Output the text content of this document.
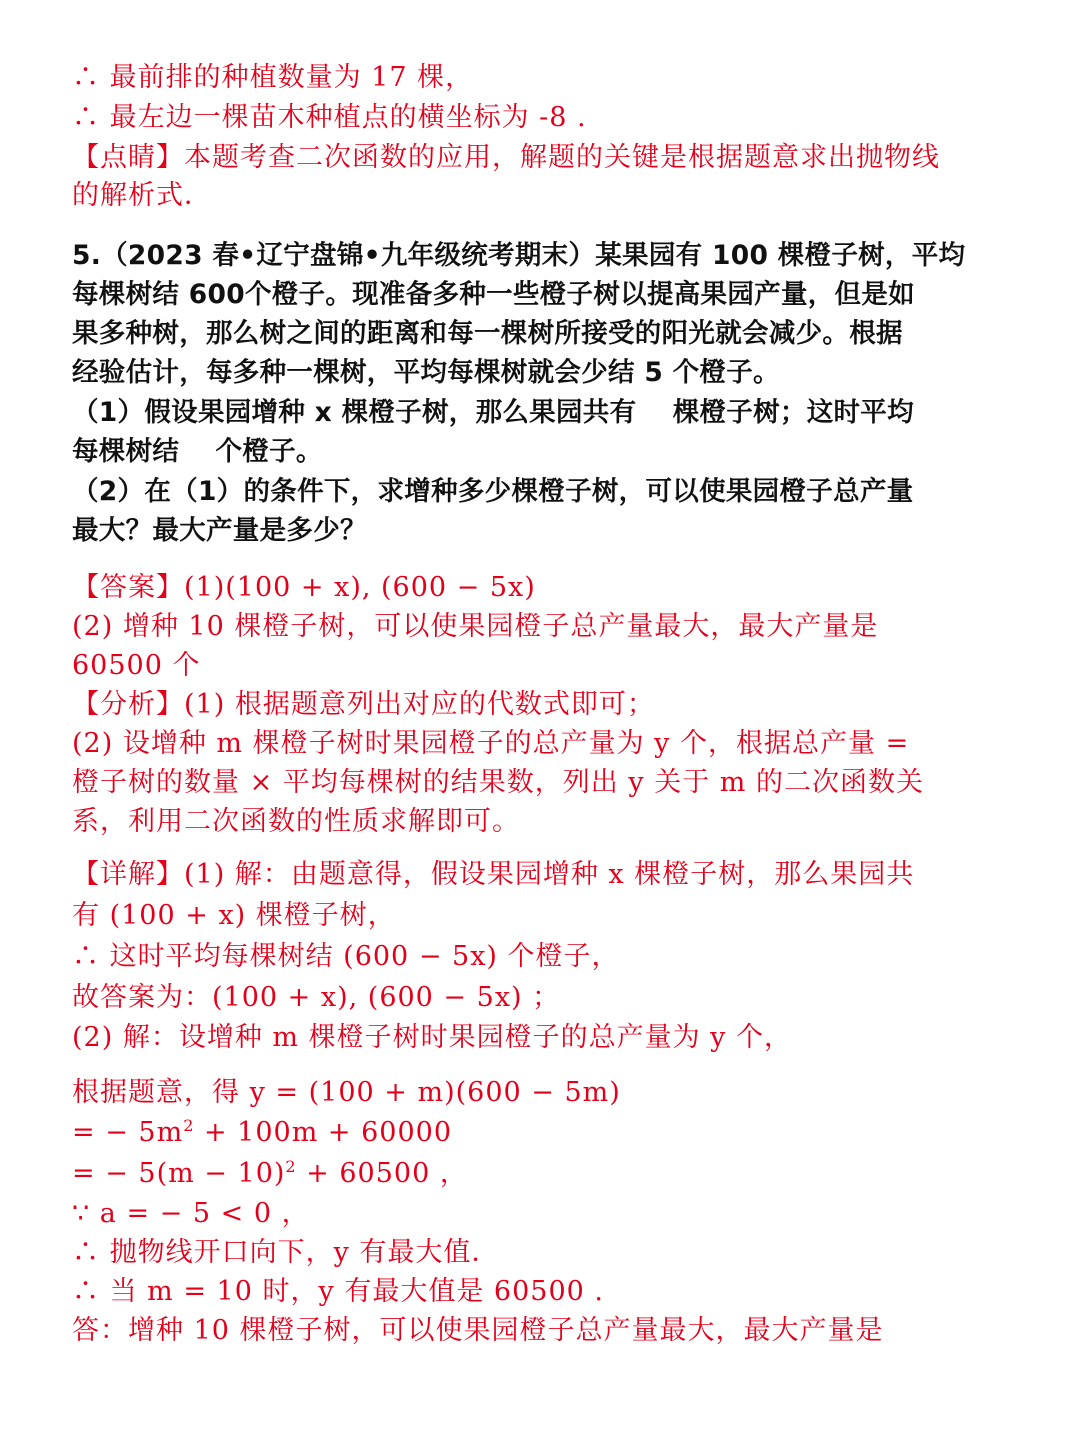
∴ 最前排的种植数量为 17 棵，
∴ 最左边一棵苗木种植点的横坐标为 -8 .
【点睛】本题考查二次函数的应用，解题的关键是根据题意求出抛物线
的解析式．
5.（2023 春•辽宁盘锦•九年级统考期末）某果园有 100 棵橙子树，平均
每棵树结 600个橙子。现准备多种一些橙子树以提高果园产量，但是如
果多种树，那么树之间的距离和每一棵树所接受的阳光就会减少。根据
经验估计，每多种一棵树，平均每棵树就会少结 5 个橙子。
（1）假设果园增种 x 棵橙子树，那么果园共有　 棵橙子树；这时平均
每棵树结　 个橙子。
（2）在（1）的条件下，求增种多少棵橙子树，可以使果园橙子总产量
最大？最大产量是多少？
【答案】(1)(100 + x), (600 − 5x)
(2) 增种 10 棵橙子树，可以使果园橙子总产量最大，最大产量是
60500 个
【分析】(1) 根据题意列出对应的代数式即可；
(2) 设增种 m 棵橙子树时果园橙子的总产量为 y 个，根据总产量 =
橙子树的数量 × 平均每棵树的结果数，列出 y 关于 m 的二次函数关
系，利用二次函数的性质求解即可。
【详解】(1) 解：由题意得，假设果园增种 x 棵橙子树，那么果园共
有 (100 + x) 棵橙子树，
∴ 这时平均每棵树结 (600 − 5x) 个橙子，
故答案为：(100 + x), (600 − 5x) ；
(2) 解：设增种 m 棵橙子树时果园橙子的总产量为 y 个，
根据题意，得 y = (100 + m)(600 − 5m)
= − $5m^2 + 100m + 60000$
= − $5(m - 10)^2 + 60500$ ，
∵ a = − 5 < 0 ，
∴ 抛物线开口向下，y 有最大值．
∴ 当 m = 10 时，y 有最大值是 60500 .
答：增种 10 棵橙子树，可以使果园橙子总产量最大，最大产量是
